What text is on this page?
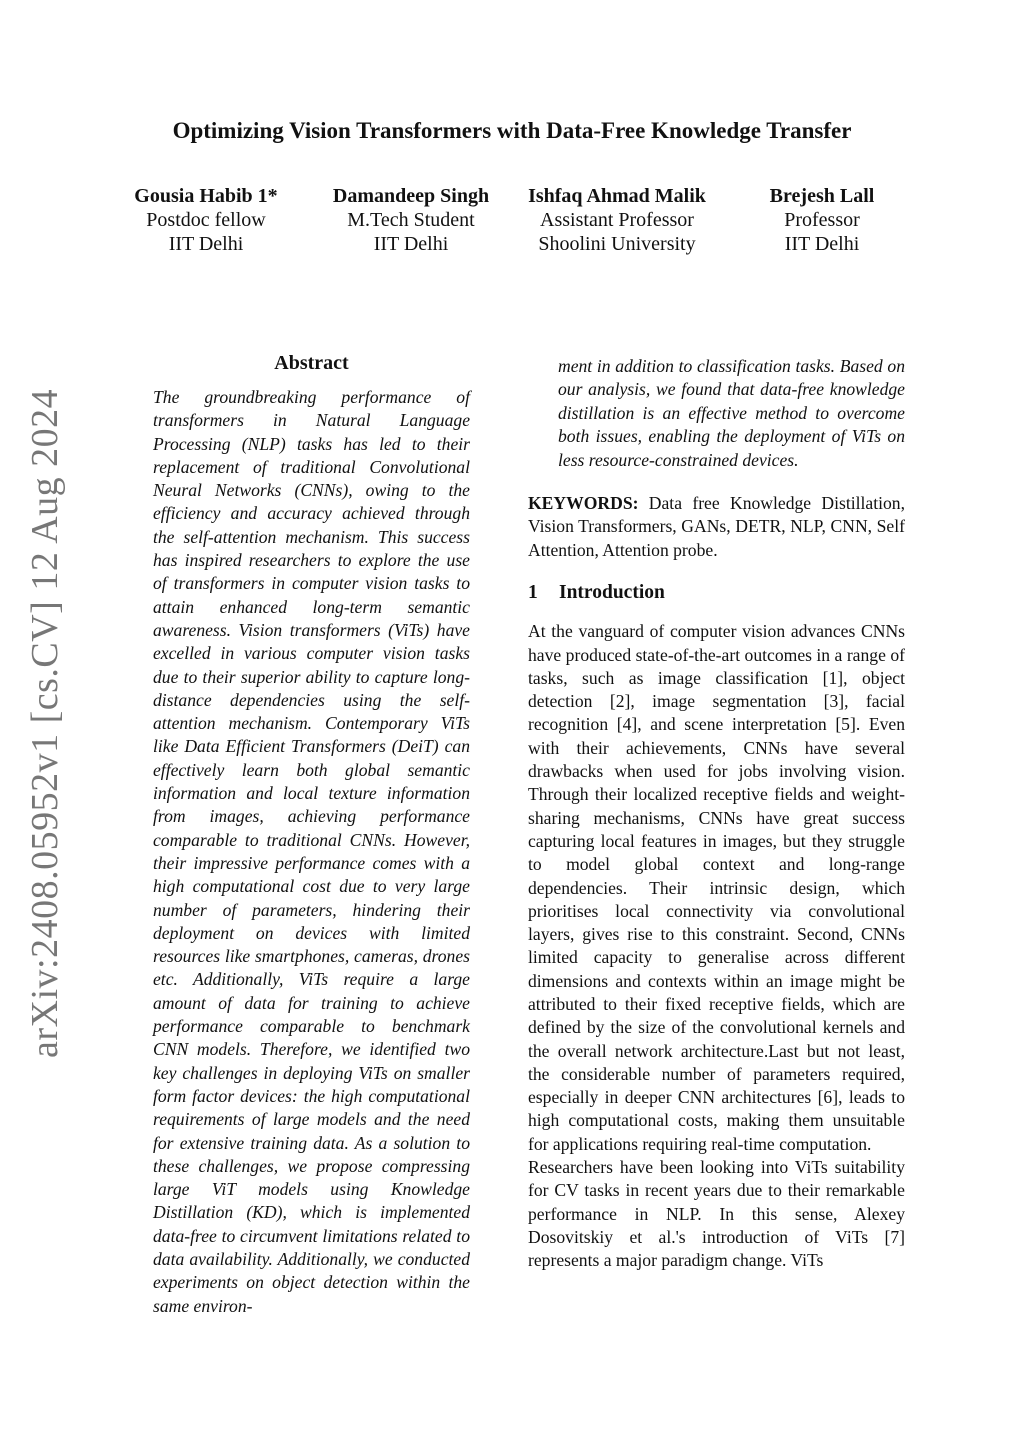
arXiv:2408.05952v1 [cs.CV] 12 Aug 2024
Optimizing Vision Transformers with Data-Free Knowledge Transfer
Gousia Habib 1*
Postdoc fellow
IIT Delhi
Damandeep Singh
M.Tech Student
IIT Delhi
Ishfaq Ahmad Malik
Assistant Professor
Shoolini University
Brejesh Lall
Professor
IIT Delhi
Abstract

The groundbreaking performance of transformers in Natural Language Processing (NLP) tasks has led to their replacement of traditional Convolutional Neural Networks (CNNs), owing to the efficiency and accuracy achieved through the self-attention mechanism. This success has inspired researchers to explore the use of transformers in computer vision tasks to attain enhanced long-term semantic awareness. Vision transformers (ViTs) have excelled in various computer vision tasks due to their superior ability to capture long-distance dependencies using the self-attention mechanism. Contemporary ViTs like Data Efficient Transformers (DeiT) can effectively learn both global semantic information and local texture information from images, achieving performance comparable to traditional CNNs. However, their impressive performance comes with a high computational cost due to very large number of parameters, hindering their deployment on devices with limited resources like smartphones, cameras, drones etc. Additionally, ViTs require a large amount of data for training to achieve performance comparable to benchmark CNN models. Therefore, we identified two key challenges in deploying ViTs on smaller form factor devices: the high computational requirements of large models and the need for extensive training data. As a solution to these challenges, we propose compressing large ViT models using Knowledge Distillation (KD), which is implemented data-free to circumvent limitations related to data availability. Additionally, we conducted experiments on object detection within the same environ-

ment in addition to classification tasks. Based on our analysis, we found that data-free knowledge distillation is an effective method to overcome both issues, enabling the deployment of ViTs on less resource-constrained devices.

KEYWORDS: Data free Knowledge Distillation, Vision Transformers, GANs, DETR, NLP, CNN, Self Attention, Attention probe.

1 Introduction

At the vanguard of computer vision advances CNNs have produced state-of-the-art outcomes in a range of tasks, such as image classification [1], object detection [2], image segmentation [3], facial recognition [4], and scene interpretation [5]. Even with their achievements, CNNs have several drawbacks when used for jobs involving vision. Through their localized receptive fields and weight-sharing mechanisms, CNNs have great success capturing local features in images, but they struggle to model global context and long-range dependencies. Their intrinsic design, which prioritises local connectivity via convolutional layers, gives rise to this constraint. Second, CNNs limited capacity to generalise across different dimensions and contexts within an image might be attributed to their fixed receptive fields, which are defined by the size of the convolutional kernels and the overall network architecture.Last but not least, the considerable number of parameters required, especially in deeper CNN architectures [6], leads to high computational costs, making them unsuitable for applications requiring real-time computation.

Researchers have been looking into ViTs suitability for CV tasks in recent years due to their remarkable performance in NLP. In this sense, Alexey Dosovitskiy et al.'s introduction of ViTs [7] represents a major paradigm change. ViTs
